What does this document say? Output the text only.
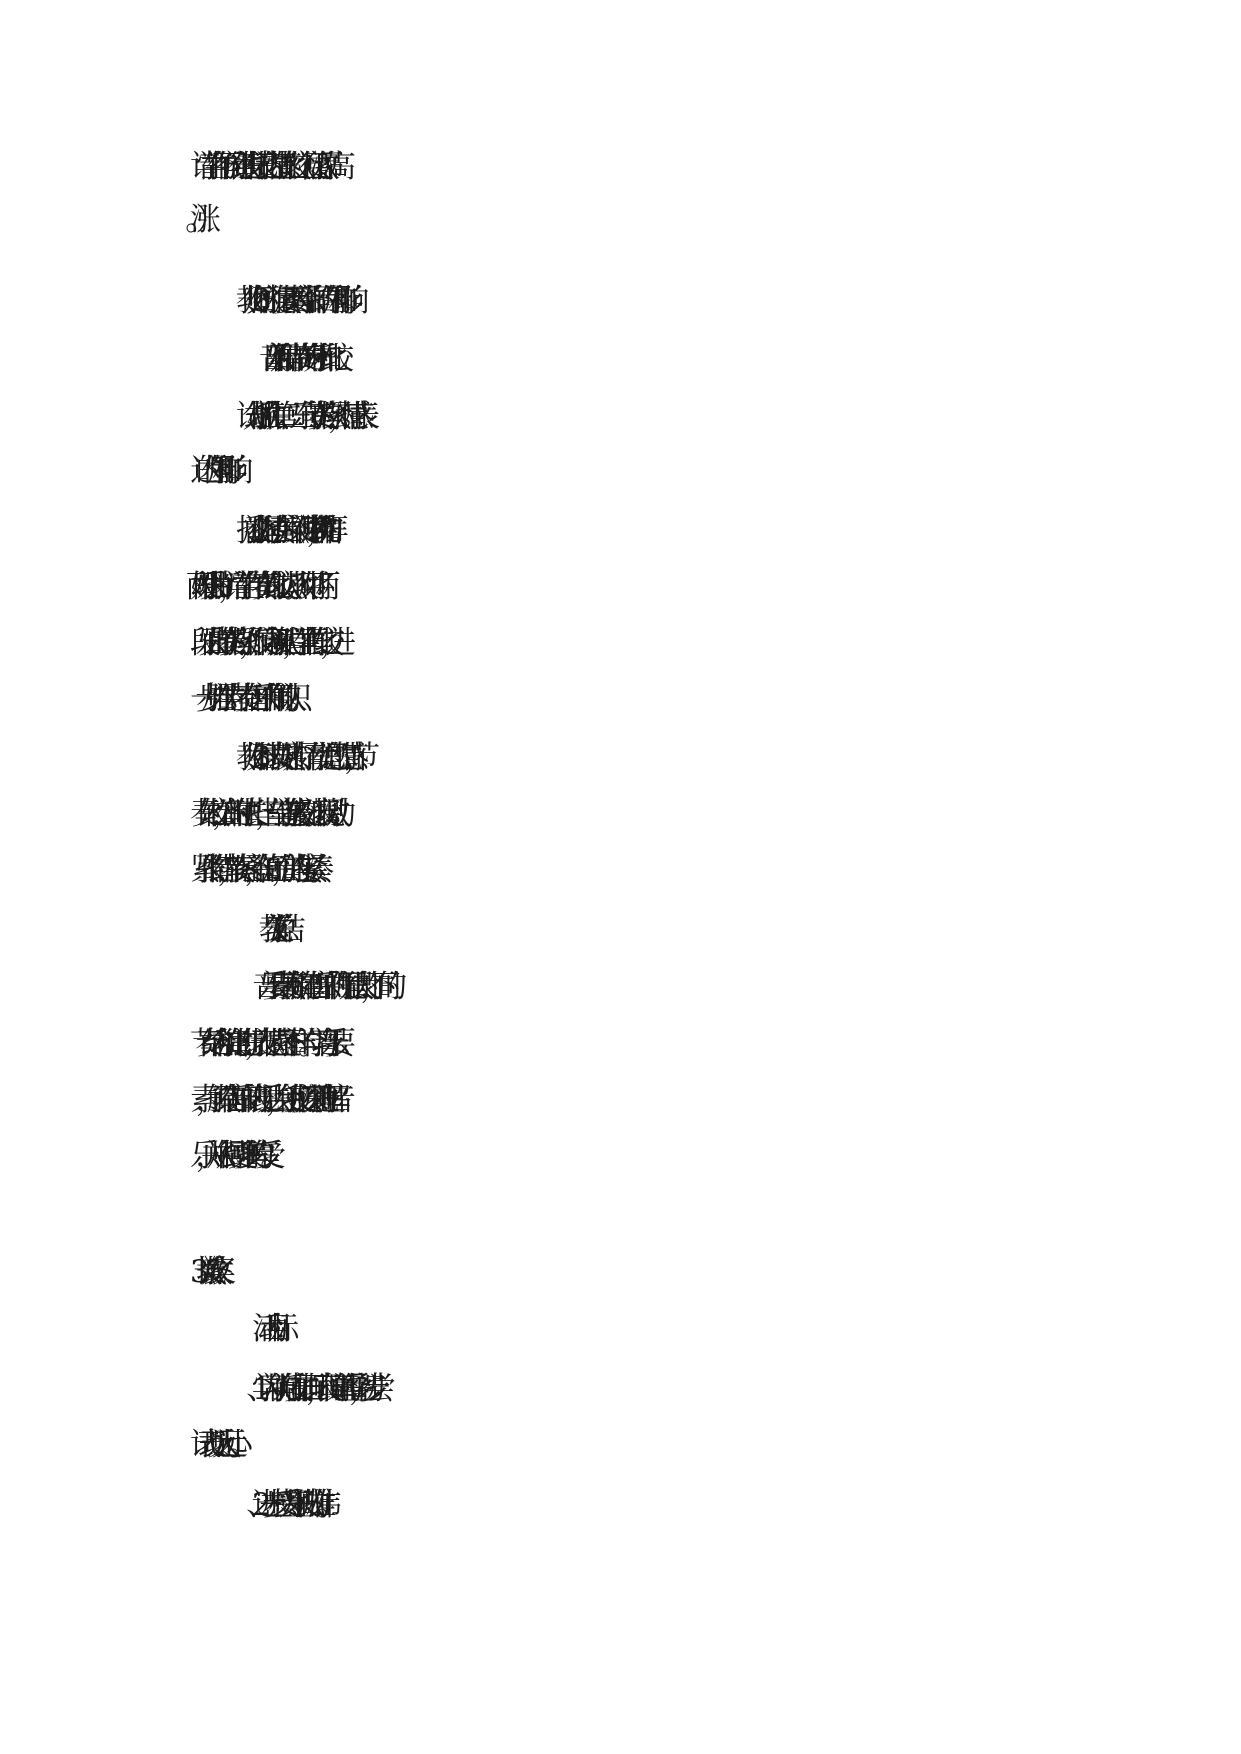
请学生作不同旋律线进行表达的情感比较（上行更激昂、高
涨）。
3、 教师归纳：旋律要素对音乐作品的作用和影响。
（四） 音乐作品中节奏的分析和比较
1、 试分析歌曲中第二、三乐句节奏的松紧，对情感表
达的作用和影响。
2、 播放小提琴协奏曲《梁祝》中，“草桥结拜”和“抗
婚”两段乐曲片断，请学生作节奏的比较认识。教师可将两
段乐曲的节奏的松紧，作反向调换试唱，学生再作比较，进
一步加强学生对节奏在音乐中作用的认识。
3、 教师小结：表现婉转、抒情、优美沉思的情感，节
奏比较松，音的时值长一些，音与音连接较松驰。表现激动、
紧张的情绪，节奏紧密，音值短的，音的连接紧凑。
（五） 教学总结
音乐要素节奏和旋律在音乐中的作用是很大的，不同的
节奏结合和旋律的进行，表达情感是不一样的。学习音乐要
素，了解其在音乐中的表现手法，会使我们更深刻地理解音
乐，并从中得到更多美的享受。
活动目标：
1、学习从前向后安排画面，表现简单的重叠，初步尝
试表现近大远小。
2、进一步感受万里长城的雄伟。
